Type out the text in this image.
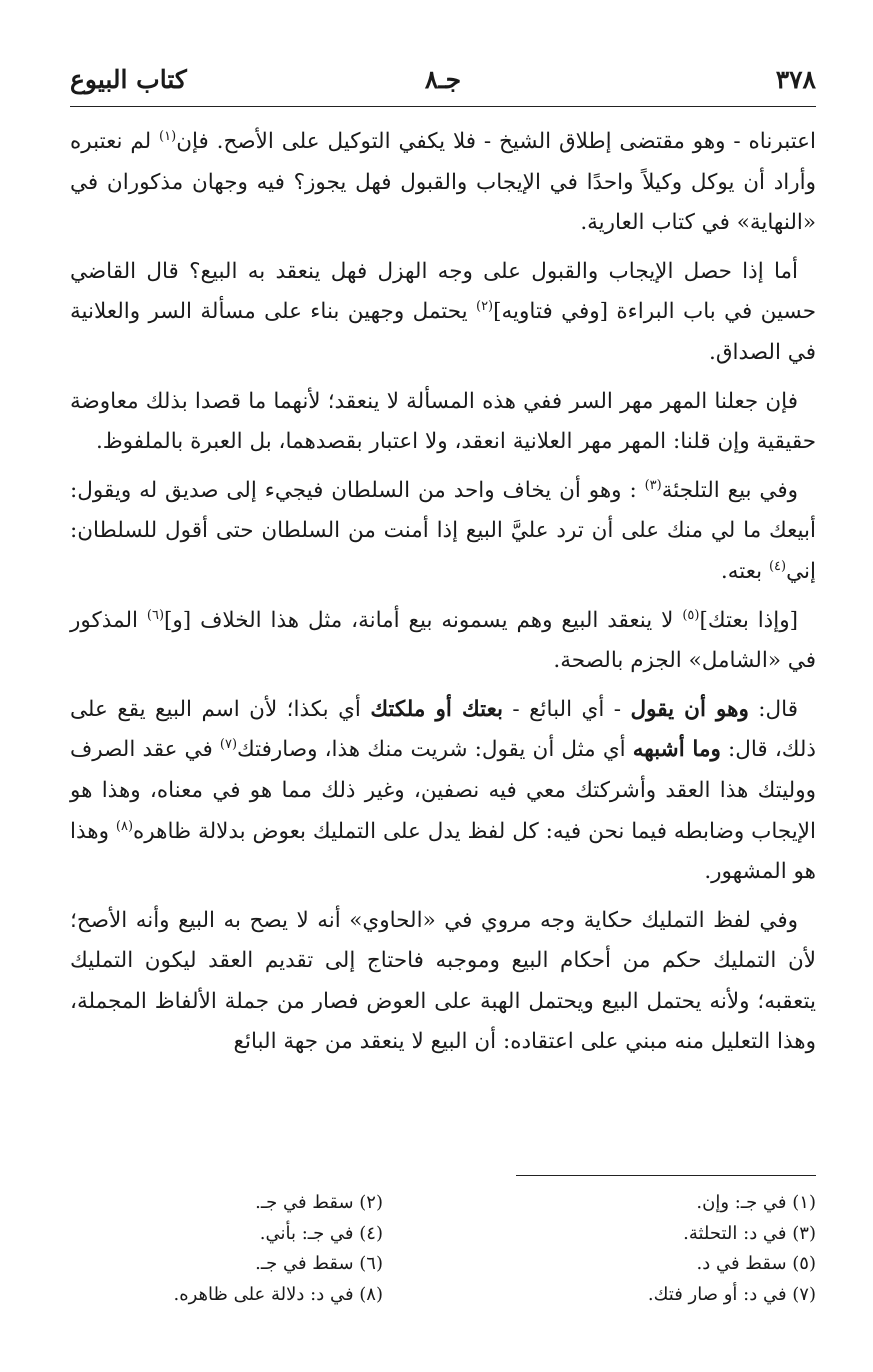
٣٧٨
جـ٨
كتاب البيوع

اعتبرناه - وهو مقتضى إطلاق الشيخ - فلا يكفي التوكيل على الأصح. فإن$^{(١)}$ لم نعتبره وأراد أن يوكل وكيلاً واحدًا في الإيجاب والقبول فهل يجوز؟ فيه وجهان مذكوران في «النهاية» في كتاب العارية.

أما إذا حصل الإيجاب والقبول على وجه الهزل فهل ينعقد به البيع؟ قال القاضي حسين في باب البراءة [وفي فتاويه]$^{(٢)}$ يحتمل وجهين بناء على مسألة السر والعلانية في الصداق.

فإن جعلنا المهر مهر السر ففي هذه المسألة لا ينعقد؛ لأنهما ما قصدا بذلك معاوضة حقيقية وإن قلنا: المهر مهر العلانية انعقد، ولا اعتبار بقصدهما، بل العبرة بالملفوظ.

وفي بيع التلجئة$^{(٣)}$ : وهو أن يخاف واحد من السلطان فيجيء إلى صديق له ويقول: أبيعك ما لي منك على أن ترد عليَّ البيع إذا أمنت من السلطان حتى أقول للسلطان: إني$^{(٤)}$ بعته.

[وإذا بعتك]$^{(٥)}$ لا ينعقد البيع وهم يسمونه بيع أمانة، مثل هذا الخلاف [و]$^{(٦)}$ المذكور في «الشامل» الجزم بالصحة.

قال: وهو أن يقول - أي البائع - بعتك أو ملكتك أي بكذا؛ لأن اسم البيع يقع على ذلك، قال: وما أشبهه أي مثل أن يقول: شريت منك هذا، وصارفتك$^{(٧)}$ في عقد الصرف ووليتك هذا العقد وأشركتك معي فيه نصفين، وغير ذلك مما هو في معناه، وهذا هو الإيجاب وضابطه فيما نحن فيه: كل لفظ يدل على التمليك بعوض بدلالة ظاهره$^{(٨)}$ وهذا هو المشهور.

وفي لفظ التمليك حكاية وجه مروي في «الحاوي» أنه لا يصح به البيع وأنه الأصح؛ لأن التمليك حكم من أحكام البيع وموجبه فاحتاج إلى تقديم العقد ليكون التمليك يتعقبه؛ ولأنه يحتمل البيع ويحتمل الهبة على العوض فصار من جملة الألفاظ المجملة، وهذا التعليل منه مبني على اعتقاده: أن البيع لا ينعقد من جهة البائع

(١) في جـ: وإن.
(٢) سقط في جـ.
(٣) في د: التحلثة.
(٤) في جـ: بأني.
(٥) سقط في د.
(٦) سقط في جـ.
(٧) في د: أو صار فتك.
(٨) في د: دلالة على ظاهره.
